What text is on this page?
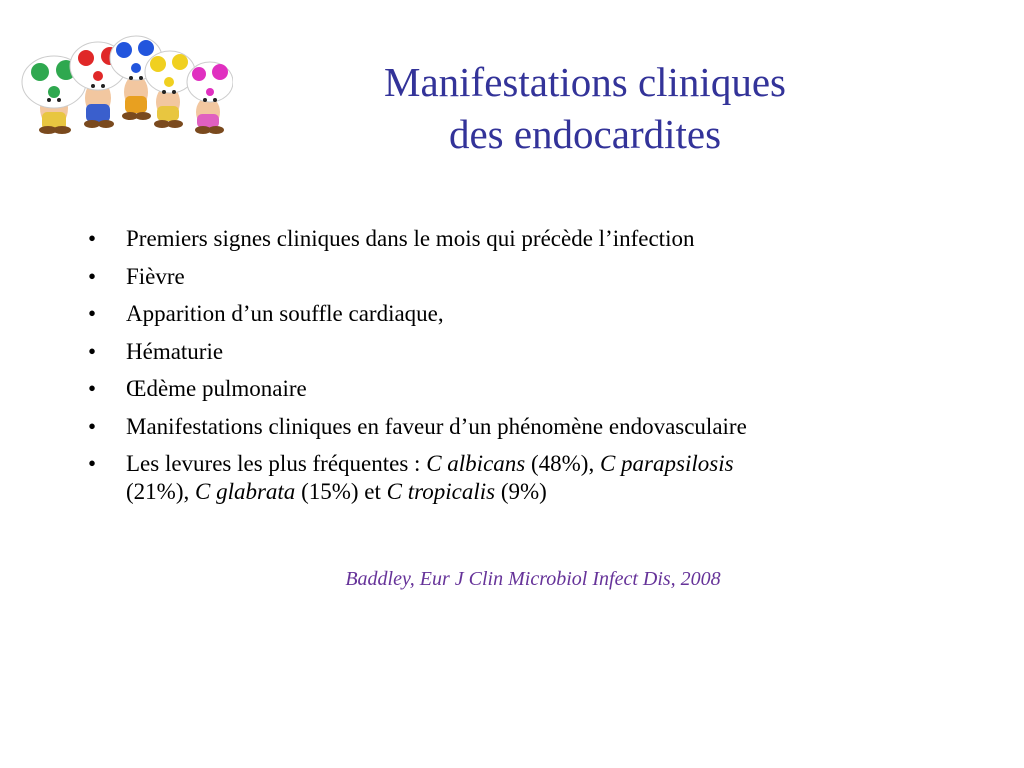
Manifestations cliniques
des endocardites
• Premiers signes cliniques dans le mois qui précède l’infection
• Fièvre
• Apparition d’un souffle cardiaque,
• Hématurie
• Œdème pulmonaire
• Manifestations cliniques en faveur d’un phénomène endovasculaire
• Les levures les plus fréquentes : C albicans (48%), C parapsilosis
(21%), C glabrata (15%) et C tropicalis (9%)
Baddley, Eur J Clin Microbiol Infect Dis, 2008
